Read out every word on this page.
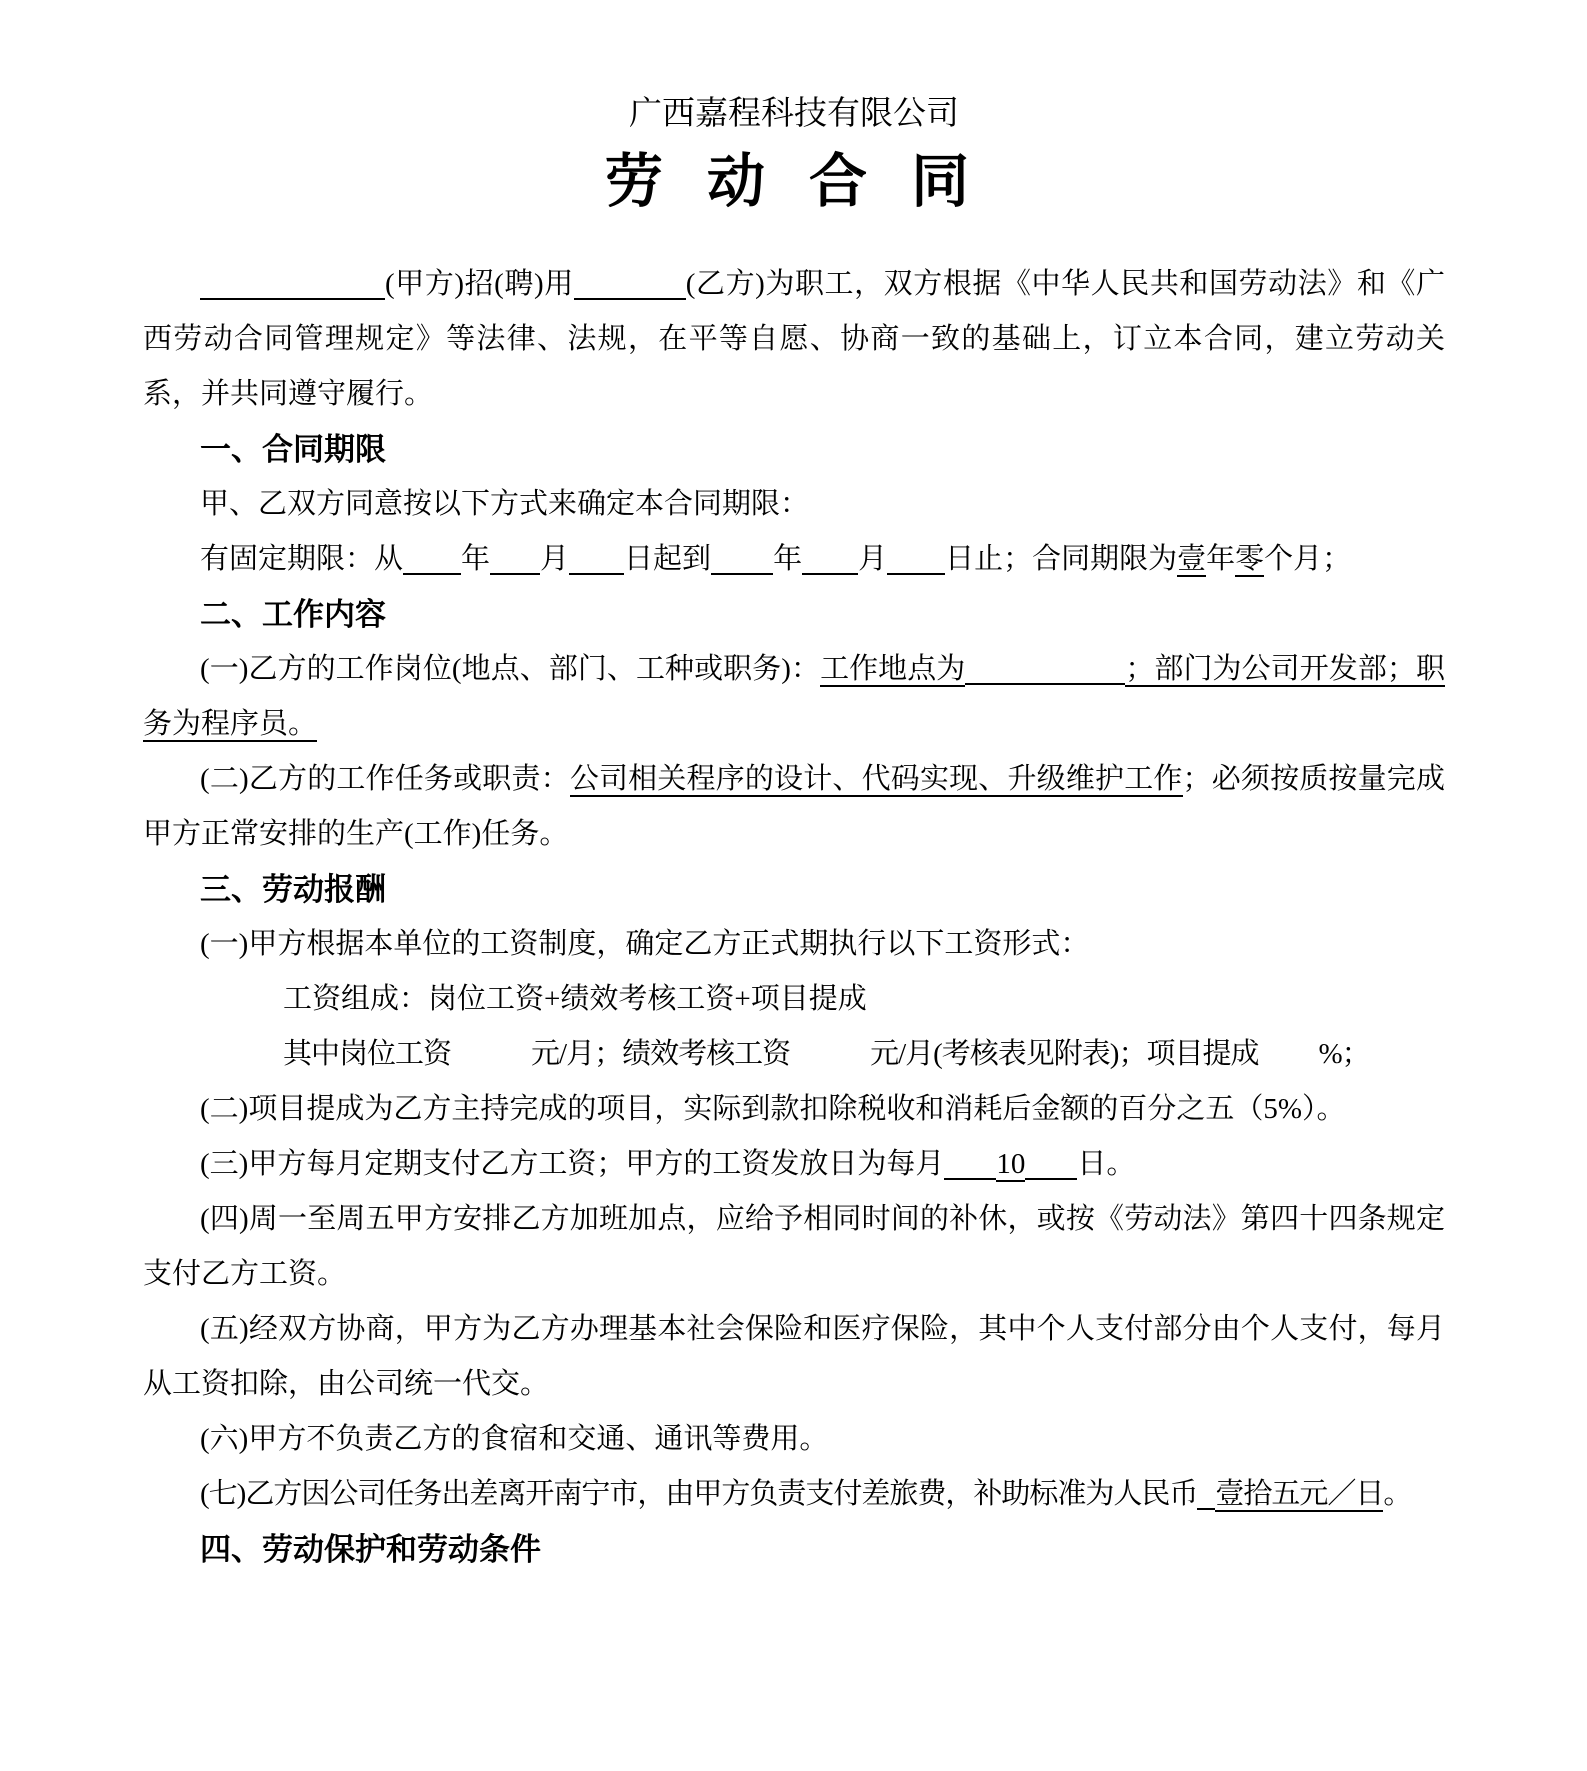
广西嘉程科技有限公司
劳 动 合 同

(甲方)招(聘)用	(乙方)为职工，双方根据《中华人民共和国劳动法》和《广西劳动合同管理规定》等法律、法规，在平等自愿、协商一致的基础上，订立本合同，建立劳动关系，并共同遵守履行。

一、合同期限

甲、乙双方同意按以下方式来确定本合同期限：

有固定期限：从 年 月 日起到 年 月 日止；合同期限为壹年零个月；

二、工作内容

(一)乙方的工作岗位(地点、部门、工种或职务)：工作地点为	；部门为公司开发部；职务为程序员。

(二)乙方的工作任务或职责：公司相关程序的设计、代码实现、升级维护工作；必须按质按量完成甲方正常安排的生产(工作)任务。

三、劳动报酬

(一)甲方根据本单位的工资制度，确定乙方正式期执行以下工资形式：

工资组成：岗位工资+绩效考核工资+项目提成

其中岗位工资	元/月；绩效考核工资	元/月(考核表见附表)；项目提成 %；

(二)项目提成为乙方主持完成的项目，实际到款扣除税收和消耗后金额的百分之五（5%）。

(三)甲方每月定期支付乙方工资；甲方的工资发放日为每月 10 日。

(四)周一至周五甲方安排乙方加班加点，应给予相同时间的补休，或按《劳动法》第四十四条规定支付乙方工资。

(五)经双方协商，甲方为乙方办理基本社会保险和医疗保险，其中个人支付部分由个人支付，每月从工资扣除，由公司统一代交。

(六)甲方不负责乙方的食宿和交通、通讯等费用。

(七)乙方因公司任务出差离开南宁市，由甲方负责支付差旅费，补助标准为人民币 壹拾五元／日。

四、劳动保护和劳动条件
